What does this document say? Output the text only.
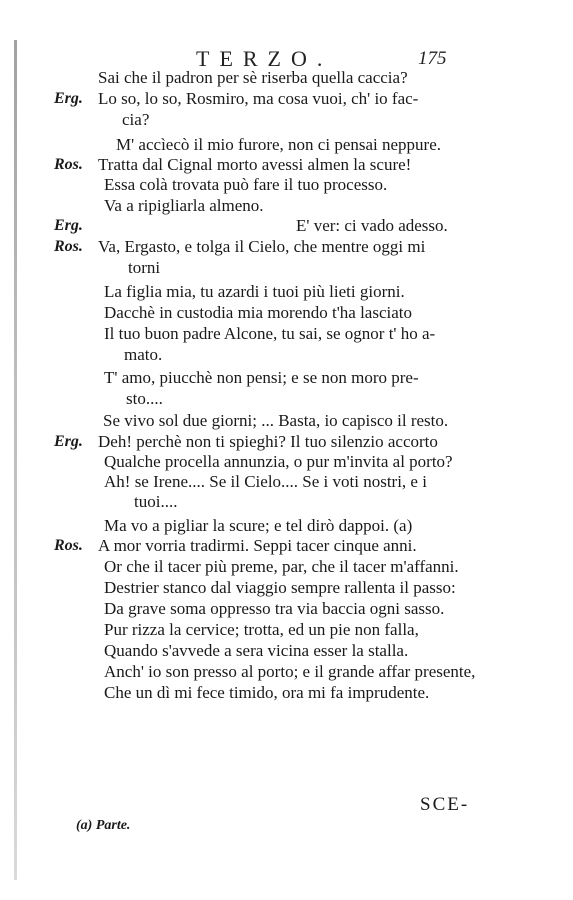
TERZO.	175
Sai che il padron per sè riserba quella caccia?
Erg. Lo so, lo so, Rosmiro, ma cosa vuoi, ch' io fac-
cia?
M' accìecò il mio furore, non ci pensai neppure.
Ros. Tratta dal Cignal morto avessi almen la scure!
Essa colà trovata può fare il tuo processo.
Va a ripigliarla almeno.
Erg.	E' ver: ci vado adesso.
Ros. Va, Ergasto, e tolga il Cielo, che mentre oggi mi
torni
La figlia mia, tu azardi i tuoi più lieti giorni.
Dacchè in custodia mia morendo t'ha lasciato
Il tuo buon padre Alcone, tu sai, se ognor t' ho a-
mato.
T' amo, piucchè non pensi; e se non moro pre-
sto....
Se vivo sol due giorni; ... Basta, io capisco il resto.
Erg. Deh! perchè non ti spieghi? Il tuo silenzio accorto
Qualche procella annunzia, o pur m'invita al porto?
Ah! se Irene.... Se il Cielo.... Se i voti nostri, e i
tuoi....
Ma vo a pigliar la scure; e tel dirò dappoi. (a)
Ros. A mor vorria tradirmi. Seppi tacer cinque anni.
Or che il tacer più preme, par, che il tacer m'affanni.
Destrier stanco dal viaggio sempre rallenta il passo:
Da grave soma oppresso tra via baccia ogni sasso.
Pur rizza la cervice; trotta, ed un pie non falla,
Quando s'avvede a sera vicina esser la stalla.
Anch' io son presso al porto; e il grande affar presente,
Che un dì mi fece timido, ora mi fa imprudente.
SCE-
(a) Parte.
